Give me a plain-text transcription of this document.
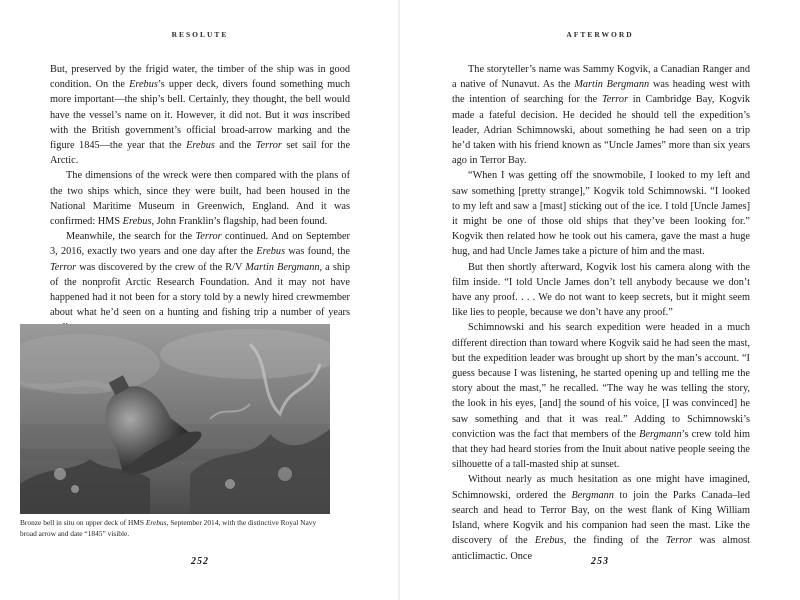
RESOLUTE

But, preserved by the frigid water, the timber of the ship was in good condition. On the Erebus’s upper deck, divers found something much more important—the ship’s bell. Certainly, they thought, the bell would have the vessel’s name on it. However, it did not. But it was inscribed with the British government’s official broad-arrow marking and the figure 1845—the year that the Erebus and the Terror set sail for the Arctic.

The dimensions of the wreck were then compared with the plans of the two ships which, since they were built, had been housed in the National Maritime Museum in Greenwich, England. And it was confirmed: HMS Erebus, John Franklin’s flagship, had been found.

Meanwhile, the search for the Terror continued. And on September 3, 2016, exactly two years and one day after the Erebus was found, the Terror was discovered by the crew of the R/V Martin Bergmann, a ship of the nonprofit Arctic Research Foundation. And it may not have happened had it not been for a story told by a newly hired crewmember about what he’d seen on a hunting and fishing trip a number of years

Bronze bell in situ on upper deck of HMS Erebus, September 2014, with the distinctive Royal Navy broad arrow and date “1845” visible.
252
AFTERWORD

The storyteller’s name was Sammy Kogvik, a Canadian Ranger and a native of Nunavut. As the Martin Bergmann was heading west with the intention of searching for the Terror in Cambridge Bay, Kogvik made a fateful decision. He decided he should tell the expedition’s leader, Adrian Schimnowski, about something he had seen on a trip he’d taken with his friend known as “Uncle James” more than six years ago in Terror Bay.

“When I was getting off the snowmobile, I looked to my left and saw something [pretty strange],” Kogvik told Schimnowski. “I looked to my left and saw a [mast] sticking out of the ice. I told [Uncle James] it might be one of those old ships that they’ve been looking for.” Kogvik then related how he took out his camera, gave the mast a huge hug, and had Uncle James take a picture of him and the mast.

But then shortly afterward, Kogvik lost his camera along with the film inside. “I told Uncle James don’t tell anybody because we don’t have any proof. . . . We do not want to keep secrets, but it might seem like lies to people, because we don’t have any proof.”

Schimnowski and his search expedition were headed in a much different direction than toward where Kogvik said he had seen the mast, but the expedition leader was brought up short by the man’s account. “I guess because I was listening, he started opening up and telling me the story about the mast,” he recalled. “The way he was telling the story, the look in his eyes, [and] the sound of his voice, [I was convinced] he saw something and that it was real.” Adding to Schimnowski’s conviction was the fact that members of the Bergmann’s crew told him that they had heard stories from the Inuit about native people seeing the silhouette of a tall-masted ship at sunset.

Without nearly as much hesitation as one might have imagined, Schimnowski, ordered the Bergmann to join the Parks Canada–led search and head to Terror Bay, on the west flank of King William Island, where Kogvik and his companion had seen the mast. Like the discovery of the Erebus, the finding of the Terror was almost anticlimactic. Once	253
